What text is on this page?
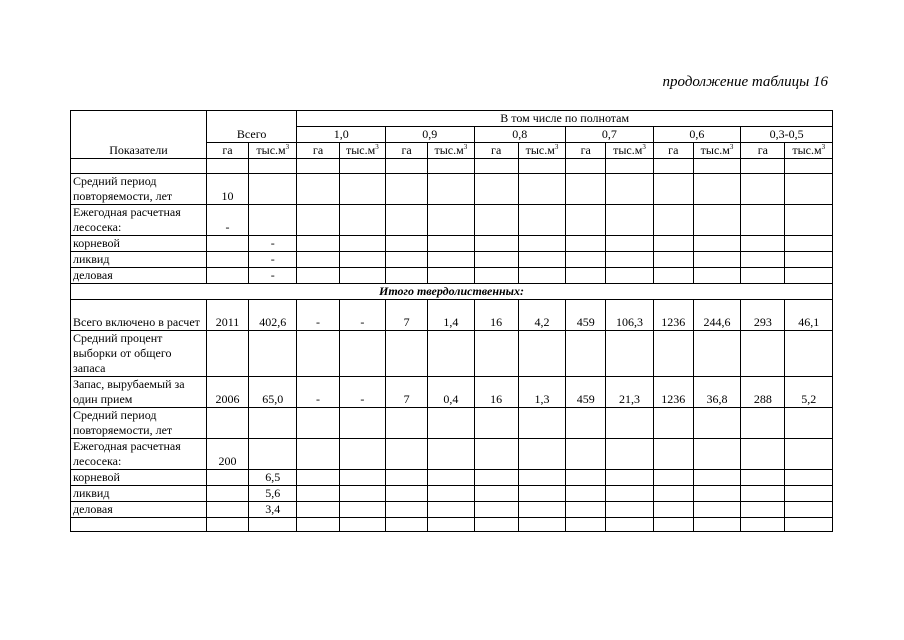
продолжение таблицы 16
Показатели	Всего		В том числе по полнотам											
			1,0		0,9		0,8		0,7		0,6		0,3-0,5	
	га	$тыс.м^3$	га	$тыс.м^3$	га	$тыс.м^3$	га	$тыс.м^3$	га	$тыс.м^3$	га	$тыс.м^3$	га	$тыс.м^3$

Средний период повторяемости, лет	10													
Ежегодная расчетная лесосека:	-													
корневой		-												
ликвид		-												
деловая		-												
Итого твердолиственных:														
Всего включено в расчет	2011	402,6	-	-	7	1,4	16	4,2	459	106,3	1236	244,6	293	46,1
Средний процент выборки от общего запаса														
Запас, вырубаемый за один прием	2006	65,0	-	-	7	0,4	16	1,3	459	21,3	1236	36,8	288	5,2
Средний период повторяемости, лет														
Ежегодная расчетная лесосека:	200													
корневой		6,5												
ликвид		5,6												
деловая		3,4												
